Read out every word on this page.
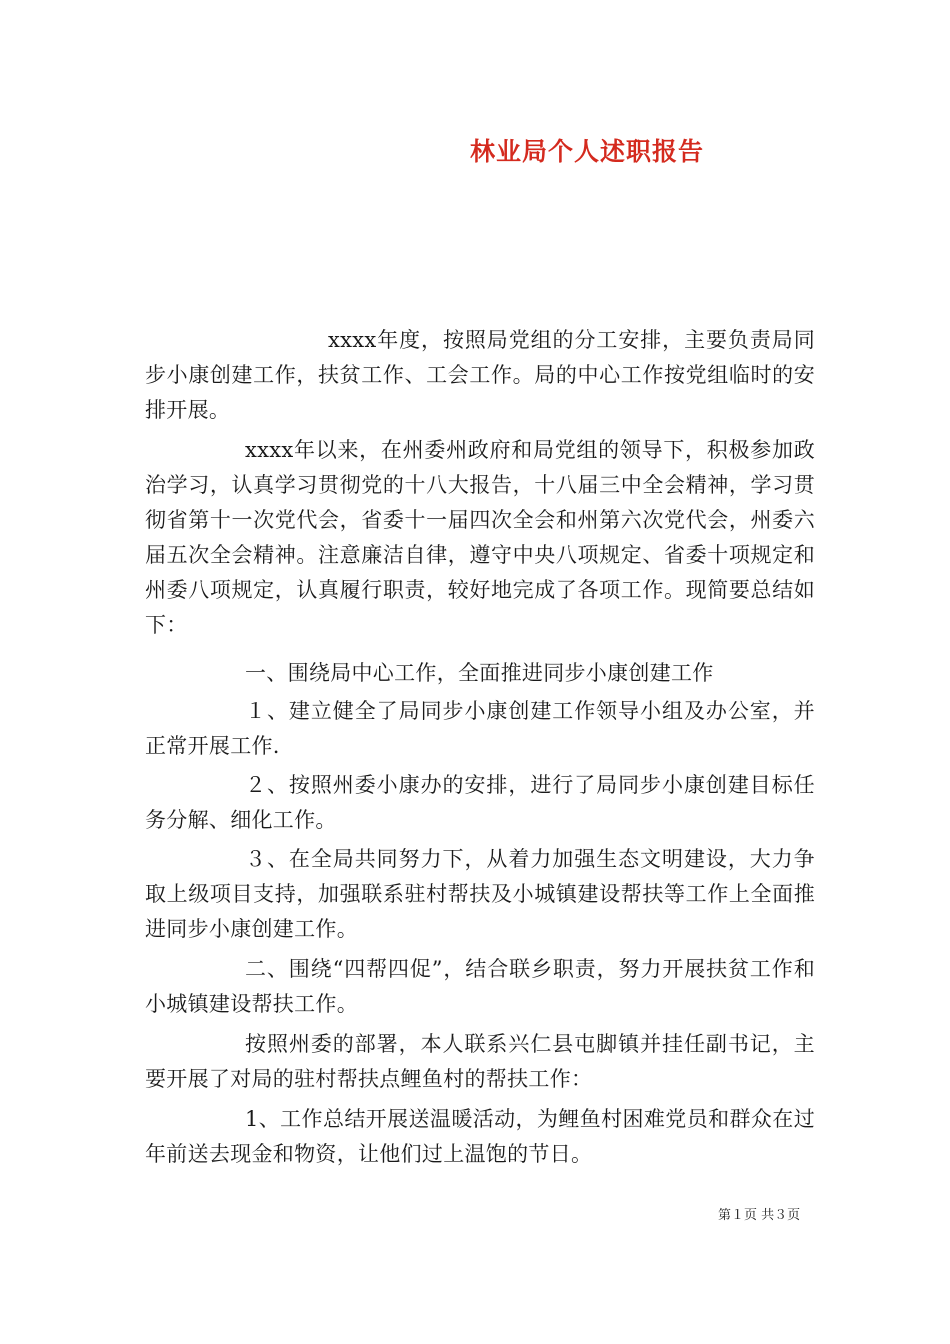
林业局个人述职报告

xxxx年度，按照局党组的分工安排，主要负责局同步小康创建工作，扶贫工作、工会工作。局的中心工作按党组临时的安排开展。

xxxx年以来，在州委州政府和局党组的领导下，积极参加政治学习，认真学习贯彻党的十八大报告，十八届三中全会精神，学习贯彻省第十一次党代会，省委十一届四次全会和州第六次党代会，州委六届五次全会精神。注意廉洁自律，遵守中央八项规定、省委十项规定和州委八项规定，认真履行职责，较好地完成了各项工作。现简要总结如下：

一、围绕局中心工作，全面推进同步小康创建工作

１、建立健全了局同步小康创建工作领导小组及办公室，并正常开展工作.

２、按照州委小康办的安排，进行了局同步小康创建目标任务分解、细化工作。

３、在全局共同努力下，从着力加强生态文明建设，大力争取上级项目支持，加强联系驻村帮扶及小城镇建设帮扶等工作上全面推进同步小康创建工作。

二、围绕“四帮四促”，结合联乡职责，努力开展扶贫工作和小城镇建设帮扶工作。

按照州委的部署，本人联系兴仁县屯脚镇并挂任副书记，主要开展了对局的驻村帮扶点鲤鱼村的帮扶工作：

1、工作总结开展送温暖活动，为鲤鱼村困难党员和群众在过年前送去现金和物资，让他们过上温饱的节日。

第１页 共３页
